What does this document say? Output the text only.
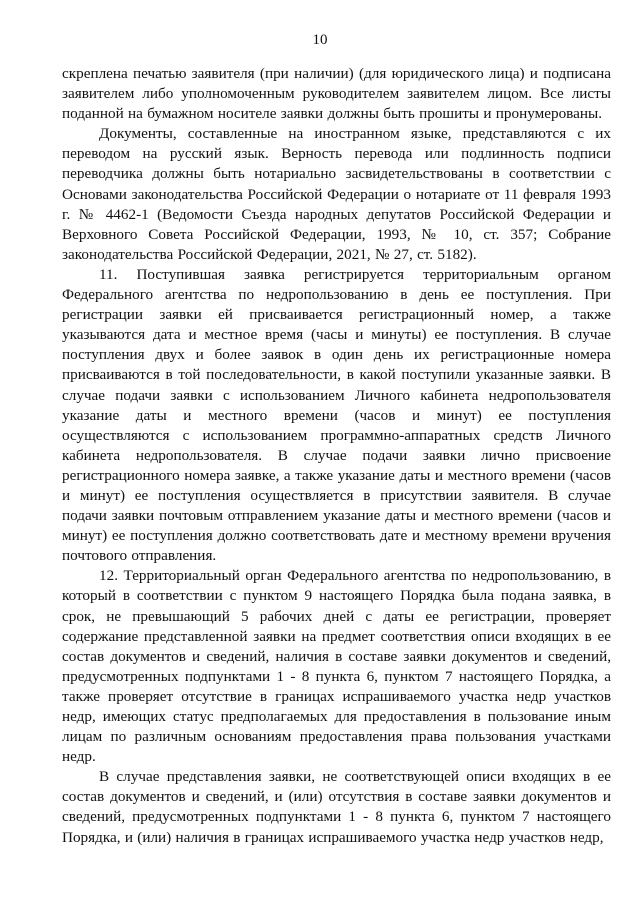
10

скреплена печатью заявителя (при наличии) (для юридического лица) и подписана заявителем либо уполномоченным руководителем заявителем лицом. Все листы поданной на бумажном носителе заявки должны быть прошиты и пронумерованы.

Документы, составленные на иностранном языке, представляются с их переводом на русский язык. Верность перевода или подлинность подписи переводчика должны быть нотариально засвидетельствованы в соответствии с Основами законодательства Российской Федерации о нотариате от 11 февраля 1993 г. № 4462-1 (Ведомости Съезда народных депутатов Российской Федерации и Верховного Совета Российской Федерации, 1993, № 10, ст. 357; Собрание законодательства Российской Федерации, 2021, № 27, ст. 5182).

11. Поступившая заявка регистрируется территориальным органом Федерального агентства по недропользованию в день ее поступления. При регистрации заявки ей присваивается регистрационный номер, а также указываются дата и местное время (часы и минуты) ее поступления. В случае поступления двух и более заявок в один день их регистрационные номера присваиваются в той последовательности, в какой поступили указанные заявки. В случае подачи заявки с использованием Личного кабинета недропользователя указание даты и местного времени (часов и минут) ее поступления осуществляются с использованием программно-аппаратных средств Личного кабинета недропользователя. В случае подачи заявки лично присвоение регистрационного номера заявке, а также указание даты и местного времени (часов и минут) ее поступления осуществляется в присутствии заявителя. В случае подачи заявки почтовым отправлением указание даты и местного времени (часов и минут) ее поступления должно соответствовать дате и местному времени вручения почтового отправления.

12. Территориальный орган Федерального агентства по недропользованию, в который в соответствии с пунктом 9 настоящего Порядка была подана заявка, в срок, не превышающий 5 рабочих дней с даты ее регистрации, проверяет содержание представленной заявки на предмет соответствия описи входящих в ее состав документов и сведений, наличия в составе заявки документов и сведений, предусмотренных подпунктами 1 - 8 пункта 6, пунктом 7 настоящего Порядка, а также проверяет отсутствие в границах испрашиваемого участка недр участков недр, имеющих статус предполагаемых для предоставления в пользование иным лицам по различным основаниям предоставления права пользования участками недр.

В случае представления заявки, не соответствующей описи входящих в ее состав документов и сведений, и (или) отсутствия в составе заявки документов и сведений, предусмотренных подпунктами 1 - 8 пункта 6, пунктом 7 настоящего Порядка, и (или) наличия в границах испрашиваемого участка недр участков недр,
